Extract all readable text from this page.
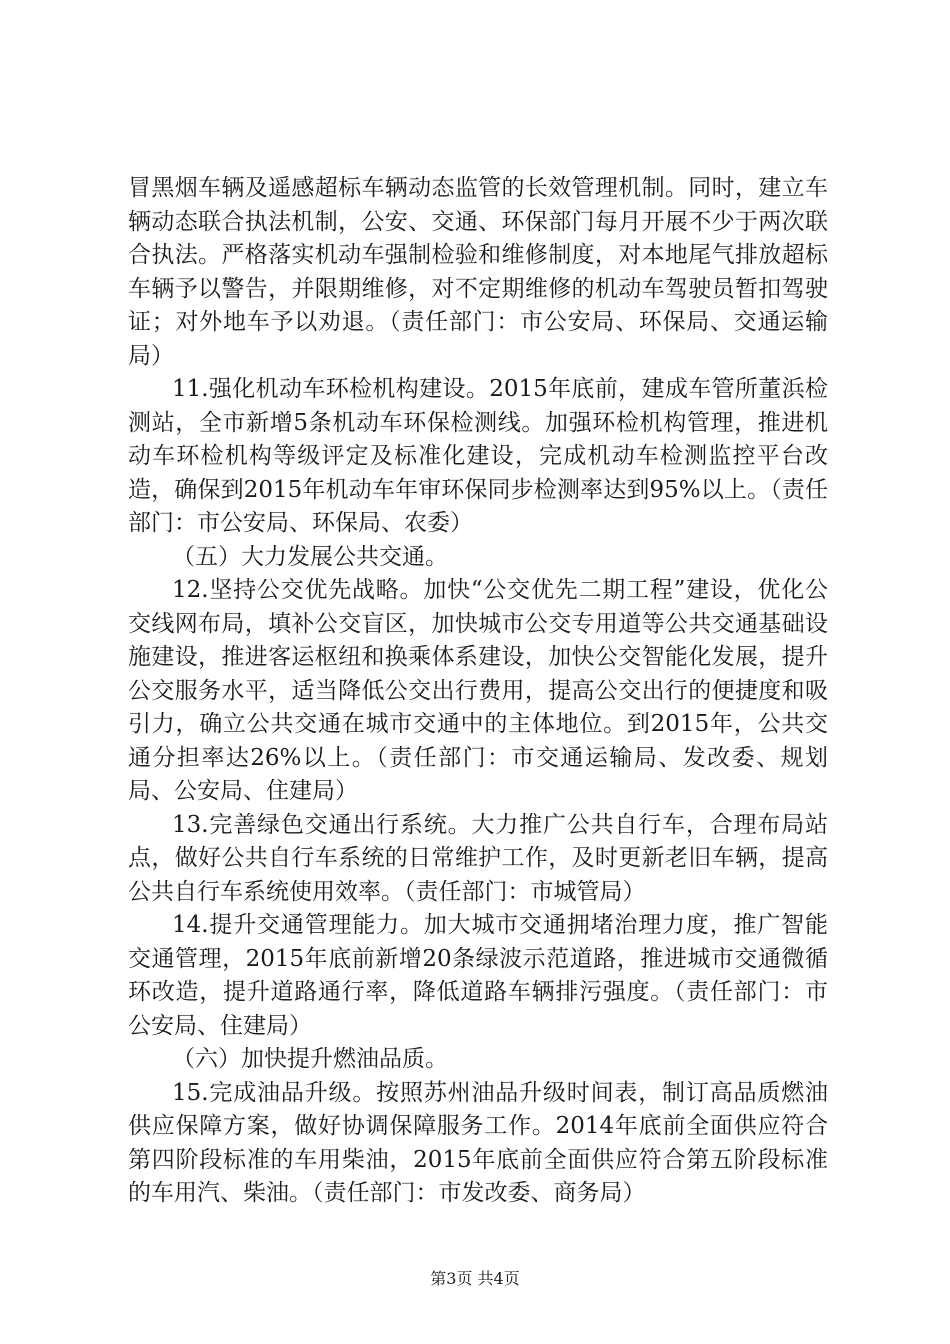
冒黑烟车辆及遥感超标车辆动态监管的长效管理机制。同时，建立车辆动态联合执法机制，公安、交通、环保部门每月开展不少于两次联合执法。严格落实机动车强制检验和维修制度，对本地尾气排放超标车辆予以警告，并限期维修，对不定期维修的机动车驾驶员暂扣驾驶证；对外地车予以劝退。（责任部门：市公安局、环保局、交通运输局）

11.强化机动车环检机构建设。2015年底前，建成车管所董浜检测站，全市新增5条机动车环保检测线。加强环检机构管理，推进机动车环检机构等级评定及标准化建设，完成机动车检测监控平台改造，确保到2015年机动车年审环保同步检测率达到95%以上。（责任部门：市公安局、环保局、农委）

（五）大力发展公共交通。

12.坚持公交优先战略。加快“公交优先二期工程”建设，优化公交线网布局，填补公交盲区，加快城市公交专用道等公共交通基础设施建设，推进客运枢纽和换乘体系建设，加快公交智能化发展，提升公交服务水平，适当降低公交出行费用，提高公交出行的便捷度和吸引力，确立公共交通在城市交通中的主体地位。到2015年，公共交通分担率达26%以上。（责任部门：市交通运输局、发改委、规划局、公安局、住建局）

13.完善绿色交通出行系统。大力推广公共自行车，合理布局站点，做好公共自行车系统的日常维护工作，及时更新老旧车辆，提高公共自行车系统使用效率。（责任部门：市城管局）

14.提升交通管理能力。加大城市交通拥堵治理力度，推广智能交通管理，2015年底前新增20条绿波示范道路，推进城市交通微循环改造，提升道路通行率，降低道路车辆排污强度。（责任部门：市公安局、住建局）

（六）加快提升燃油品质。

15.完成油品升级。按照苏州油品升级时间表，制订高品质燃油供应保障方案，做好协调保障服务工作。2014年底前全面供应符合第四阶段标准的车用柴油，2015年底前全面供应符合第五阶段标准的车用汽、柴油。（责任部门：市发改委、商务局）

第3页 共4页
